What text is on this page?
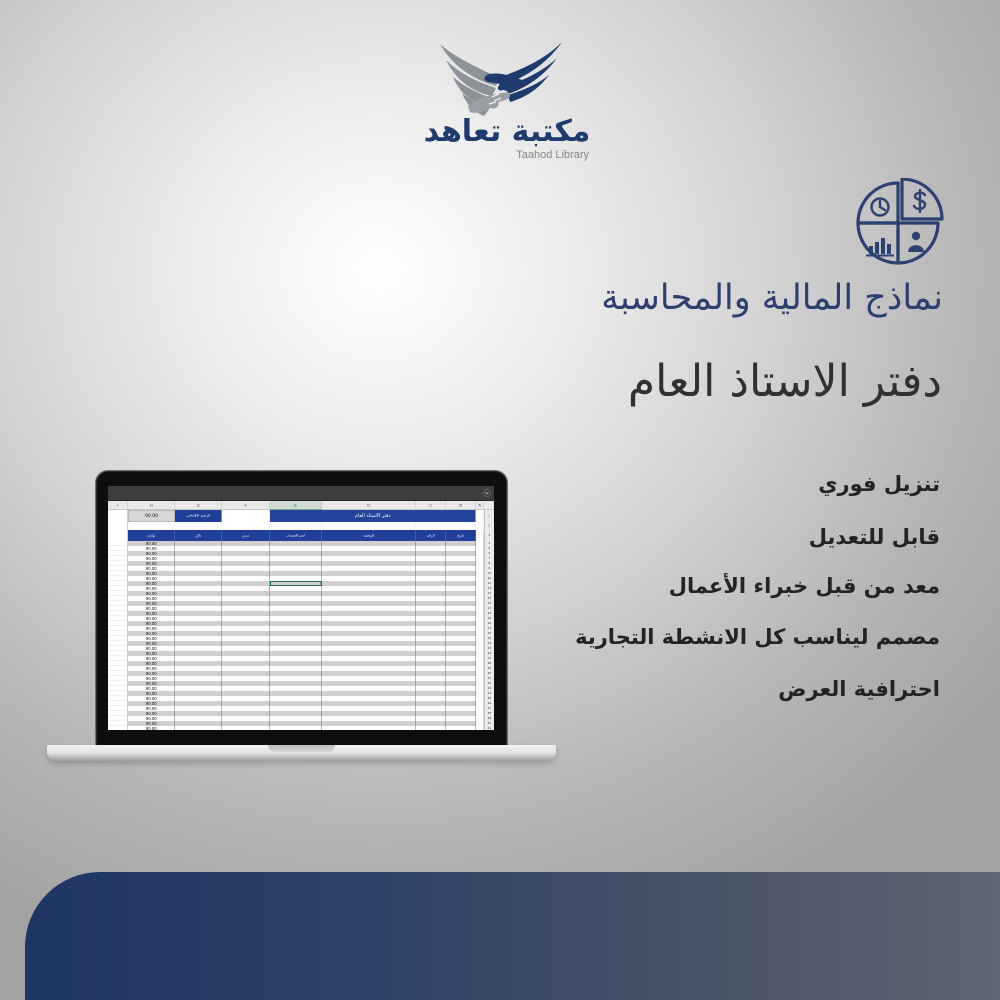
مكتبة تعاهد
Taahod Library
نماذج المالية والمحاسبة
دفتر الاستاذ العام
تنزيل فوري
قابل للتعديل
معد من قبل خبراء الأعمال
مصمم ليناسب كل الانشطة التجارية
احترافية العرض
I	H	G	F	E	D	C	B	A
90.00	الرصيد الافتتاحي	دفتر الاستاذ العام	1
2
توازن	دائن	مدين	اسم الحساب	الوصف	الرقم	تاريخ	3
90.00	4
90.00	5
90.00	6
90.00	7
90.00	8
90.00	9
90.00	10
90.00	11
90.00	12
90.00	13
90.00	14
90.00	15
90.00	16
90.00	17
90.00	18
90.00	19
90.00	20
90.00	21
90.00	22
90.00	23
90.00	24
90.00	25
90.00	26
90.00	27
90.00	28
90.00	29
90.00	30
90.00	31
90.00	32
90.00	33
90.00	34
90.00	35
90.00	36
90.00	37
90.00	38
90.00	39
90.00	40
90.00	41
